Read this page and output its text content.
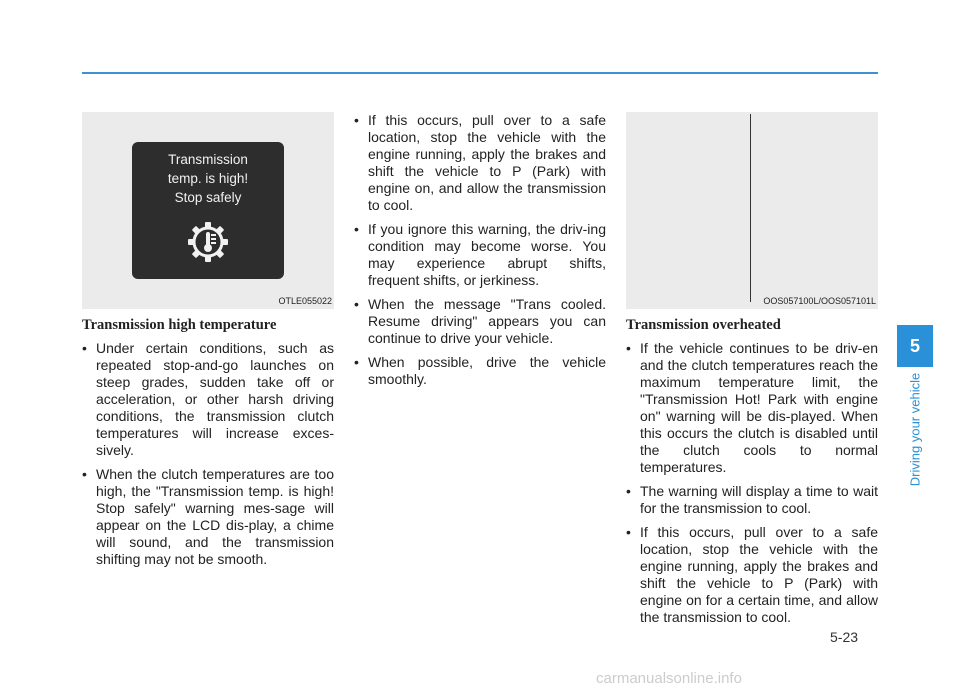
Transmission
temp. is high!
Stop safely
OTLE055022
Transmission high temperature
• Under certain conditions, such as repeated stop-and-go launches on steep grades, sudden take off or acceleration, or other harsh driving conditions, the transmission clutch temperatures will increase exces-sively.
• When the clutch temperatures are too high, the "Transmission temp. is high! Stop safely" warning mes-sage will appear on the LCD dis-play, a chime will sound, and the transmission shifting may not be smooth.
• If this occurs, pull over to a safe location, stop the vehicle with the engine running, apply the brakes and shift the vehicle to P (Park) with engine on, and allow the transmission to cool.
• If you ignore this warning, the driv-ing condition may become worse. You may experience abrupt shifts, frequent shifts, or jerkiness.
• When the message "Trans cooled. Resume driving" appears you can continue to drive your vehicle.
• When possible, drive the vehicle smoothly.
OOS057100L/OOS057101L
Transmission overheated
• If the vehicle continues to be driv-en and the clutch temperatures reach the maximum temperature limit, the "Transmission Hot! Park with engine on" warning will be dis-played. When this occurs the clutch is disabled until the clutch cools to normal temperatures.
• The warning will display a time to wait for the transmission to cool.
• If this occurs, pull over to a safe location, stop the vehicle with the engine running, apply the brakes and shift the vehicle to P (Park) with engine on for a certain time, and allow the transmission to cool.
5
Driving your vehicle
5-23
carmanualsonline.info
